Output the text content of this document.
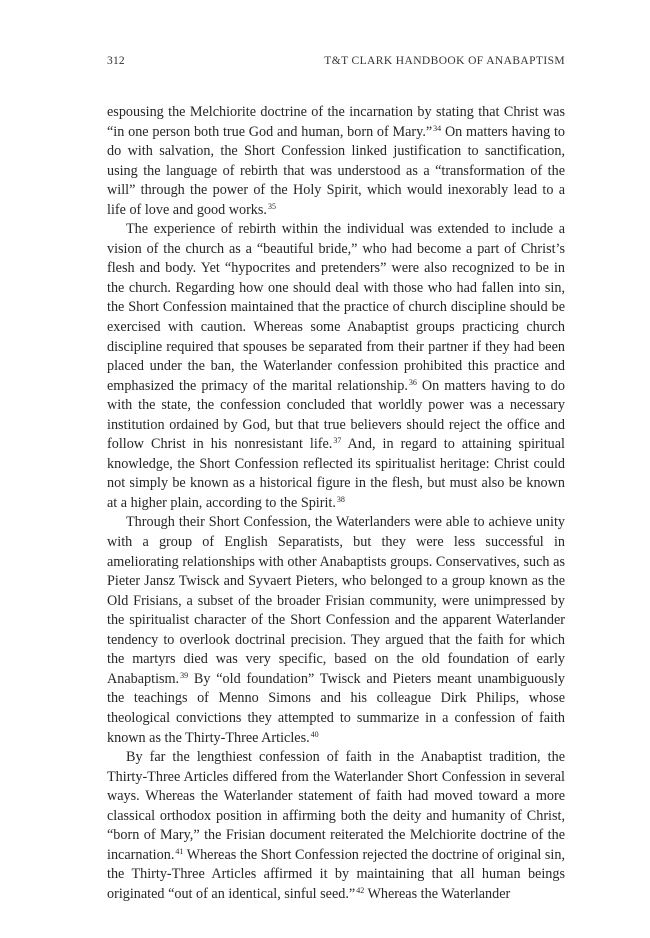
312	T&T CLARK HANDBOOK OF ANABAPTISM

espousing the Melchiorite doctrine of the incarnation by stating that Christ was “in one person both true God and human, born of Mary.”$^{34}$ On matters having to do with salvation, the Short Confession linked justification to sanctification, using the language of rebirth that was understood as a “transformation of the will” through the power of the Holy Spirit, which would inexorably lead to a life of love and good works.$^{35}$

The experience of rebirth within the individual was extended to include a vision of the church as a “beautiful bride,” who had become a part of Christ’s flesh and body. Yet “hypocrites and pretenders” were also recognized to be in the church. Regarding how one should deal with those who had fallen into sin, the Short Confession maintained that the practice of church discipline should be exercised with caution. Whereas some Anabaptist groups practicing church discipline required that spouses be separated from their partner if they had been placed under the ban, the Waterlander confession prohibited this practice and emphasized the primacy of the marital relationship.$^{36}$ On matters having to do with the state, the confession concluded that worldly power was a necessary institution ordained by God, but that true believers should reject the office and follow Christ in his nonresistant life.$^{37}$ And, in regard to attaining spiritual knowledge, the Short Confession reflected its spiritualist heritage: Christ could not simply be known as a historical figure in the flesh, but must also be known at a higher plain, according to the Spirit.$^{38}$

Through their Short Confession, the Waterlanders were able to achieve unity with a group of English Separatists, but they were less successful in ameliorating relationships with other Anabaptists groups. Conservatives, such as Pieter Jansz Twisck and Syvaert Pieters, who belonged to a group known as the Old Frisians, a subset of the broader Frisian community, were unimpressed by the spiritualist character of the Short Confession and the apparent Waterlander tendency to overlook doctrinal precision. They argued that the faith for which the martyrs died was very specific, based on the old foundation of early Anabaptism.$^{39}$ By “old foundation” Twisck and Pieters meant unambiguously the teachings of Menno Simons and his colleague Dirk Philips, whose theological convictions they attempted to summarize in a confession of faith known as the Thirty-Three Articles.$^{40}$

By far the lengthiest confession of faith in the Anabaptist tradition, the Thirty-Three Articles differed from the Waterlander Short Confession in several ways. Whereas the Waterlander statement of faith had moved toward a more classical orthodox position in affirming both the deity and humanity of Christ, “born of Mary,” the Frisian document reiterated the Melchiorite doctrine of the incarnation.$^{41}$ Whereas the Short Confession rejected the doctrine of original sin, the Thirty-Three Articles affirmed it by maintaining that all human beings originated “out of an identical, sinful seed.”$^{42}$ Whereas the Waterlander
